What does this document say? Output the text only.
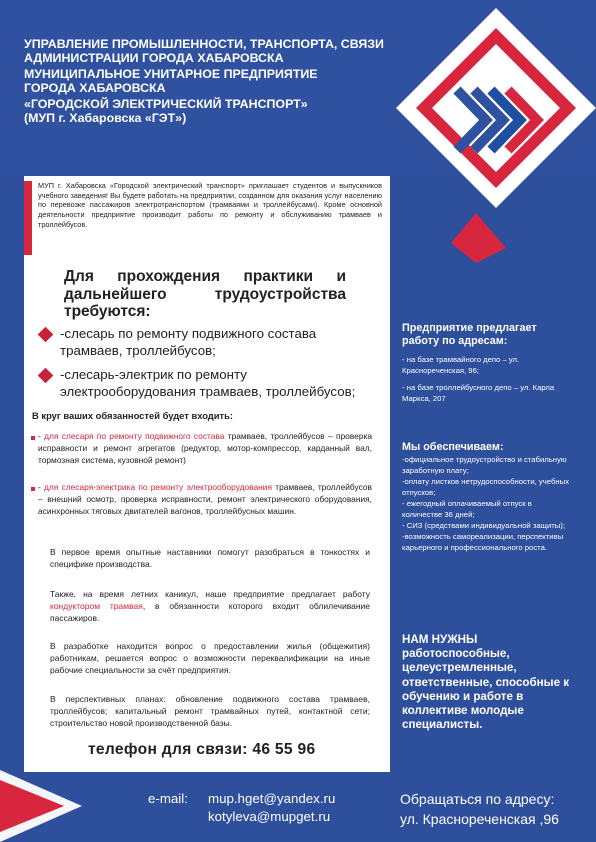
УПРАВЛЕНИЕ ПРОМЫШЛЕННОСТИ, ТРАНСПОРТА, СВЯЗИ
АДМИНИСТРАЦИИ ГОРОДА ХАБАРОВСКА
МУНИЦИПАЛЬНОЕ УНИТАРНОЕ ПРЕДПРИЯТИЕ
ГОРОДА ХАБАРОВСКА
«ГОРОДСКОЙ ЭЛЕКТРИЧЕСКИЙ ТРАНСПОРТ»
(МУП г. Хабаровска «ГЭТ»)
МУП г. Хабаровска «Городской электрический транспорт» приглашает студентов и выпускников учебного заведения! Вы будете работать на предприятии, созданном для оказания услуг населению по перевозке пассажиров электротранспортом (трамваями и троллейбусами). Кроме основной деятельности предприятие производит работы по ремонту и обслуживанию трамваев и троллейбусов.
Для прохождения практики и
дальнейшего трудоустройства
требуются:
-слесарь по ремонту подвижного состава трамваев, троллейбусов;
-слесарь-электрик по ремонту электрооборудования трамваев, троллейбусов;
В круг ваших обязанностей будет входить:
- для слесаря по ремонту подвижного состава трамваев, троллейбусов – проверка исправности и ремонт агрегатов (редуктор, мотор-компрессор, карданный вал, тормозная система, кузовной ремонт)
- для слесаря-электрика по ремонту электрооборудования трамваев, троллейбусов – внешний осмотр, проверка исправности, ремонт электрического оборудования, асинхронных тяговых двигателей вагонов, троллейбусных машин.
В первое время опытные наставники помогут разобраться в тонкостях и специфике производства.
Также, на время летних каникул, наше предприятие предлагает работу кондуктором трамвая, в обязанности которого входит облилечивание пассажиров.
В разработке находится вопрос о предоставлении жилья (общежития) работникам, решается вопрос о возможности переквалификации на иные рабочие специальности за счёт предприятия.
В перспективных планах: обновление подвижного состава трамваев, троллейбусов; капитальный ремонт трамвайных путей, контактной сети; строительство новой производственной базы.
телефон для связи: 46 55 96
Предприятие предлагает работу по адресам:
- на базе трамвайного депо – ул. Краснореченская, 96;
- на базе троллейбусного депо – ул. Карла Маркса, 207
Мы обеспечиваем:
-официальное трудоустройство и стабильную заработную плату;
-оплату листков нетрудоспособности, учебных отпусков;
- ежегодный оплачиваемый отпуск в количестве 36 дней;
- СИЗ (средствами индивидуальной защиты);
-возможность самореализации, перспективы карьерного и профессионального роста.
НАМ НУЖНЫ
работоспособные, целеустремленные, ответственные, способные к обучению и работе в коллективе молодые специалисты.
e-mail: mup.hget@yandex.ru
kotyleva@mupget.ru
Обращаться по адресу:
ул. Краснореченская ,96
